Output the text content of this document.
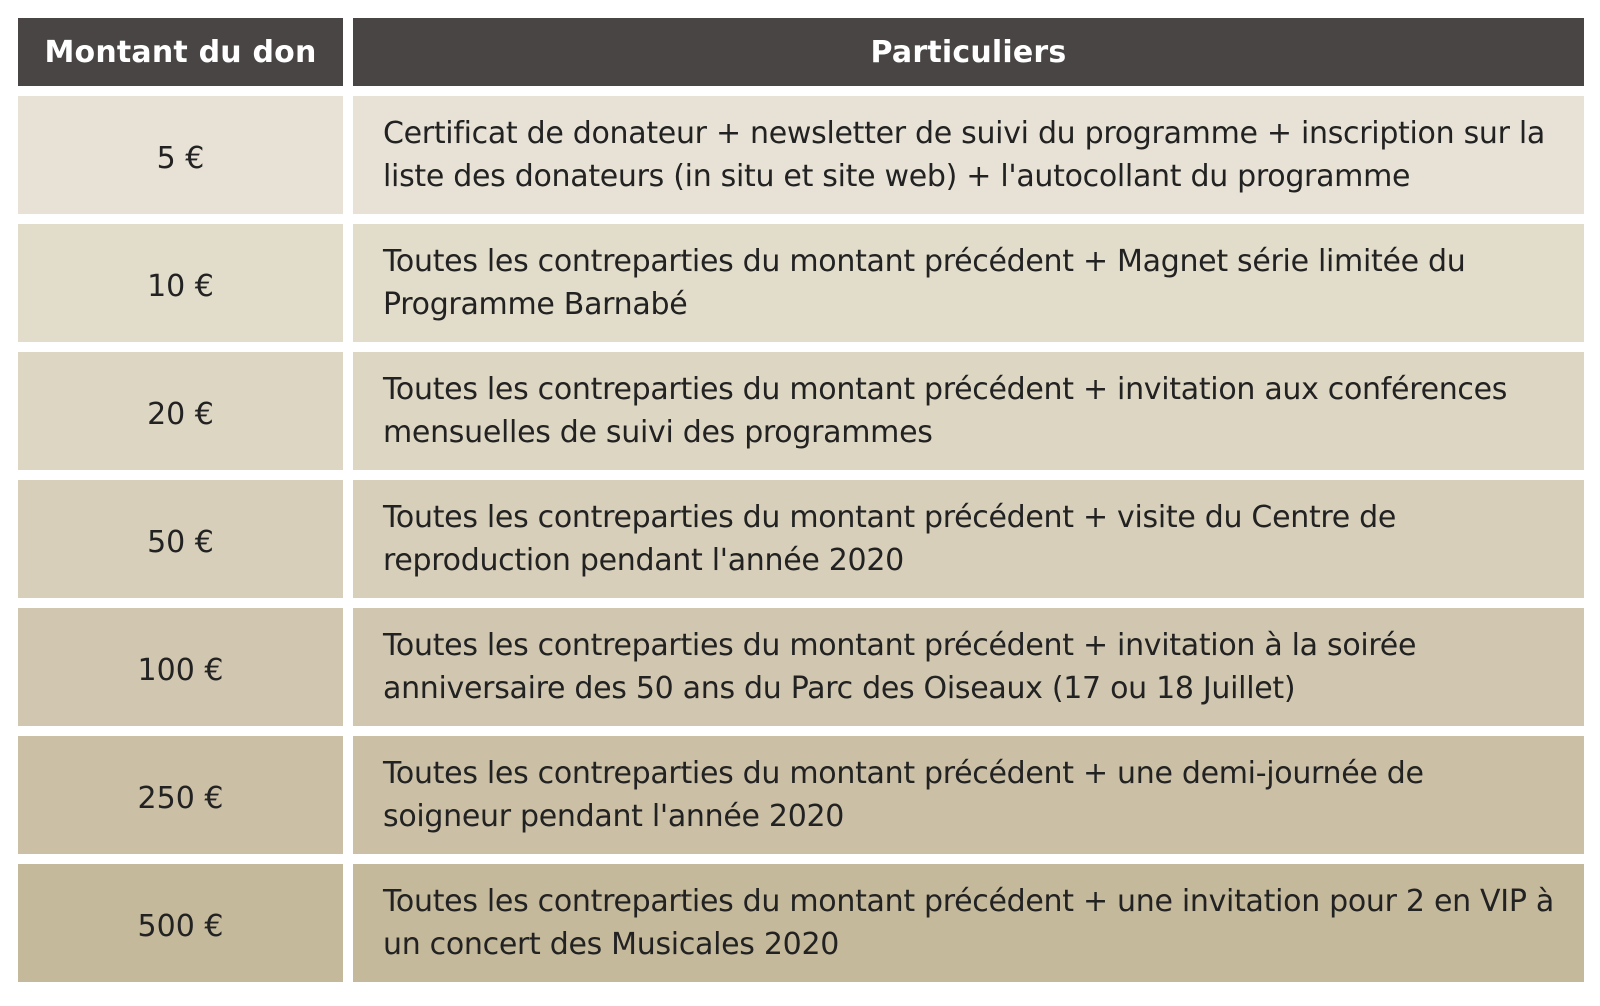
Montant du don	Particuliers
5 €
Certificat de donateur + newsletter de suivi du programme + inscription sur la liste des donateurs (in situ et site web) + l'autocollant du programme
10 €
Toutes les contreparties du montant précédent + Magnet série limitée du Programme Barnabé
20 €
Toutes les contreparties du montant précédent + invitation aux conférences mensuelles de suivi des programmes
50 €
Toutes les contreparties du montant précédent + visite du Centre de reproduction pendant l'année 2020
100 €
Toutes les contreparties du montant précédent + invitation à la soirée anniversaire des 50 ans du Parc des Oiseaux (17 ou 18 Juillet)
250 €
Toutes les contreparties du montant précédent + une demi-journée de soigneur pendant l'année 2020
500 €
Toutes les contreparties du montant précédent + une invitation pour 2 en VIP à un concert des Musicales 2020
